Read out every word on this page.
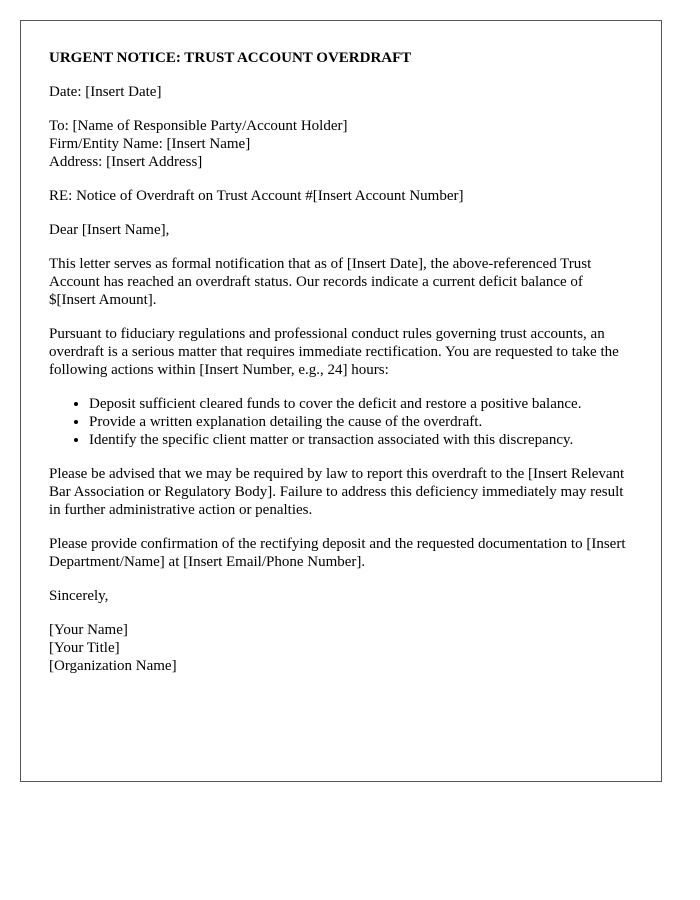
URGENT NOTICE: TRUST ACCOUNT OVERDRAFT

Date: [Insert Date]

To: [Name of Responsible Party/Account Holder]
Firm/Entity Name: [Insert Name]
Address: [Insert Address]

RE: Notice of Overdraft on Trust Account #[Insert Account Number]

Dear [Insert Name],

This letter serves as formal notification that as of [Insert Date], the above-referenced Trust Account has reached an overdraft status. Our records indicate a current deficit balance of $[Insert Amount].

Pursuant to fiduciary regulations and professional conduct rules governing trust accounts, an overdraft is a serious matter that requires immediate rectification. You are requested to take the following actions within [Insert Number, e.g., 24] hours:

• Deposit sufficient cleared funds to cover the deficit and restore a positive balance.
• Provide a written explanation detailing the cause of the overdraft.
• Identify the specific client matter or transaction associated with this discrepancy.

Please be advised that we may be required by law to report this overdraft to the [Insert Relevant Bar Association or Regulatory Body]. Failure to address this deficiency immediately may result in further administrative action or penalties.

Please provide confirmation of the rectifying deposit and the requested documentation to [Insert Department/Name] at [Insert Email/Phone Number].

Sincerely,

[Your Name]
[Your Title]
[Organization Name]
